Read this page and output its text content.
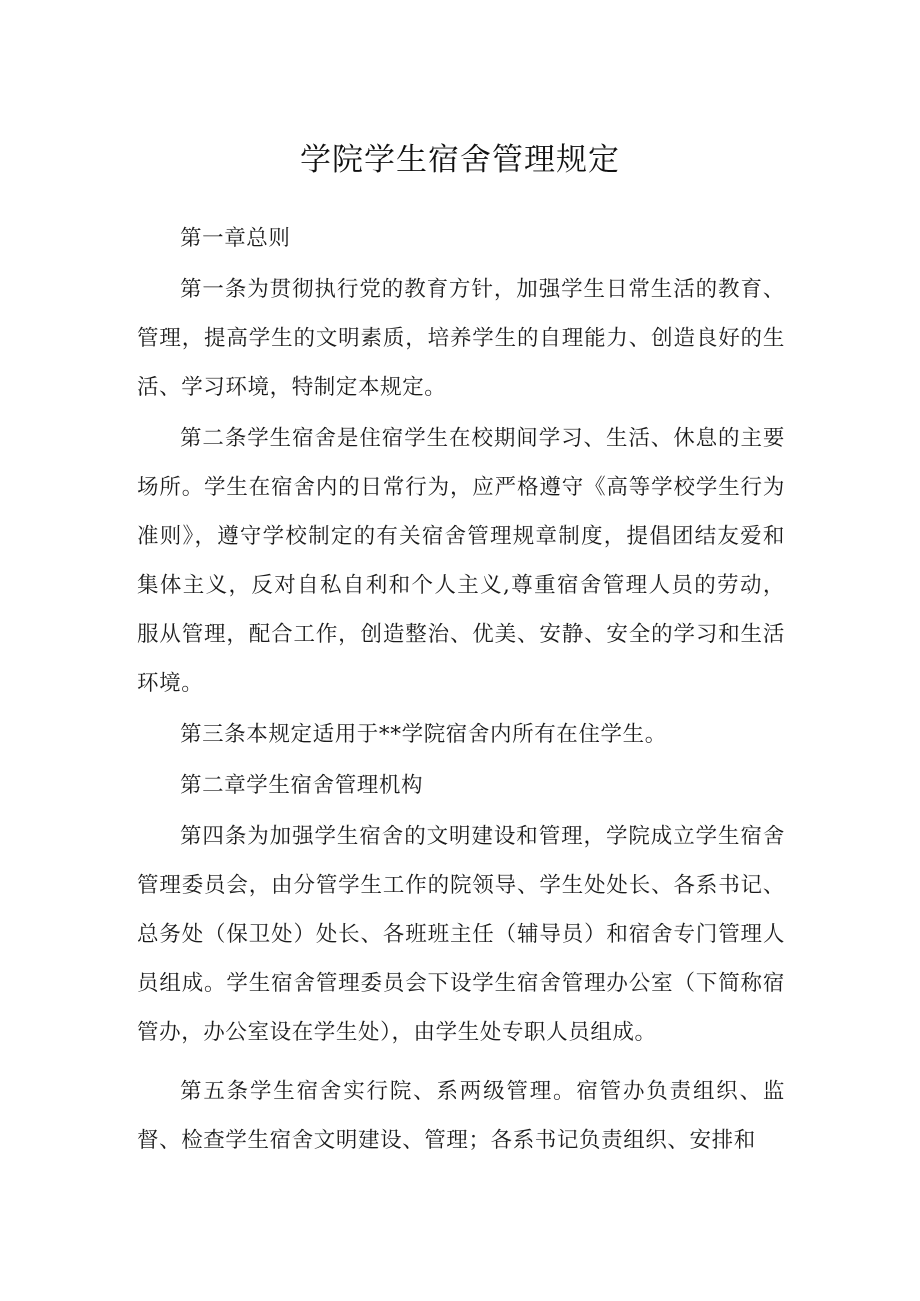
学院学生宿舍管理规定

第一章总则

第一条为贯彻执行党的教育方针，加强学生日常生活的教育、管理，提高学生的文明素质，培养学生的自理能力、创造良好的生活、学习环境，特制定本规定。

第二条学生宿舍是住宿学生在校期间学习、生活、休息的主要场所。学生在宿舍内的日常行为，应严格遵守《高等学校学生行为准则》，遵守学校制定的有关宿舍管理规章制度，提倡团结友爱和集体主义，反对自私自利和个人主义,尊重宿舍管理人员的劳动，服从管理，配合工作，创造整治、优美、安静、安全的学习和生活环境。

第三条本规定适用于**学院宿舍内所有在住学生。

第二章学生宿舍管理机构

第四条为加强学生宿舍的文明建设和管理，学院成立学生宿舍管理委员会，由分管学生工作的院领导、学生处处长、各系书记、总务处（保卫处）处长、各班班主任（辅导员）和宿舍专门管理人员组成。学生宿舍管理委员会下设学生宿舍管理办公室（下简称宿管办，办公室设在学生处），由学生处专职人员组成。

第五条学生宿舍实行院、系两级管理。宿管办负责组织、监督、检查学生宿舍文明建设、管理；各系书记负责组织、安排和
